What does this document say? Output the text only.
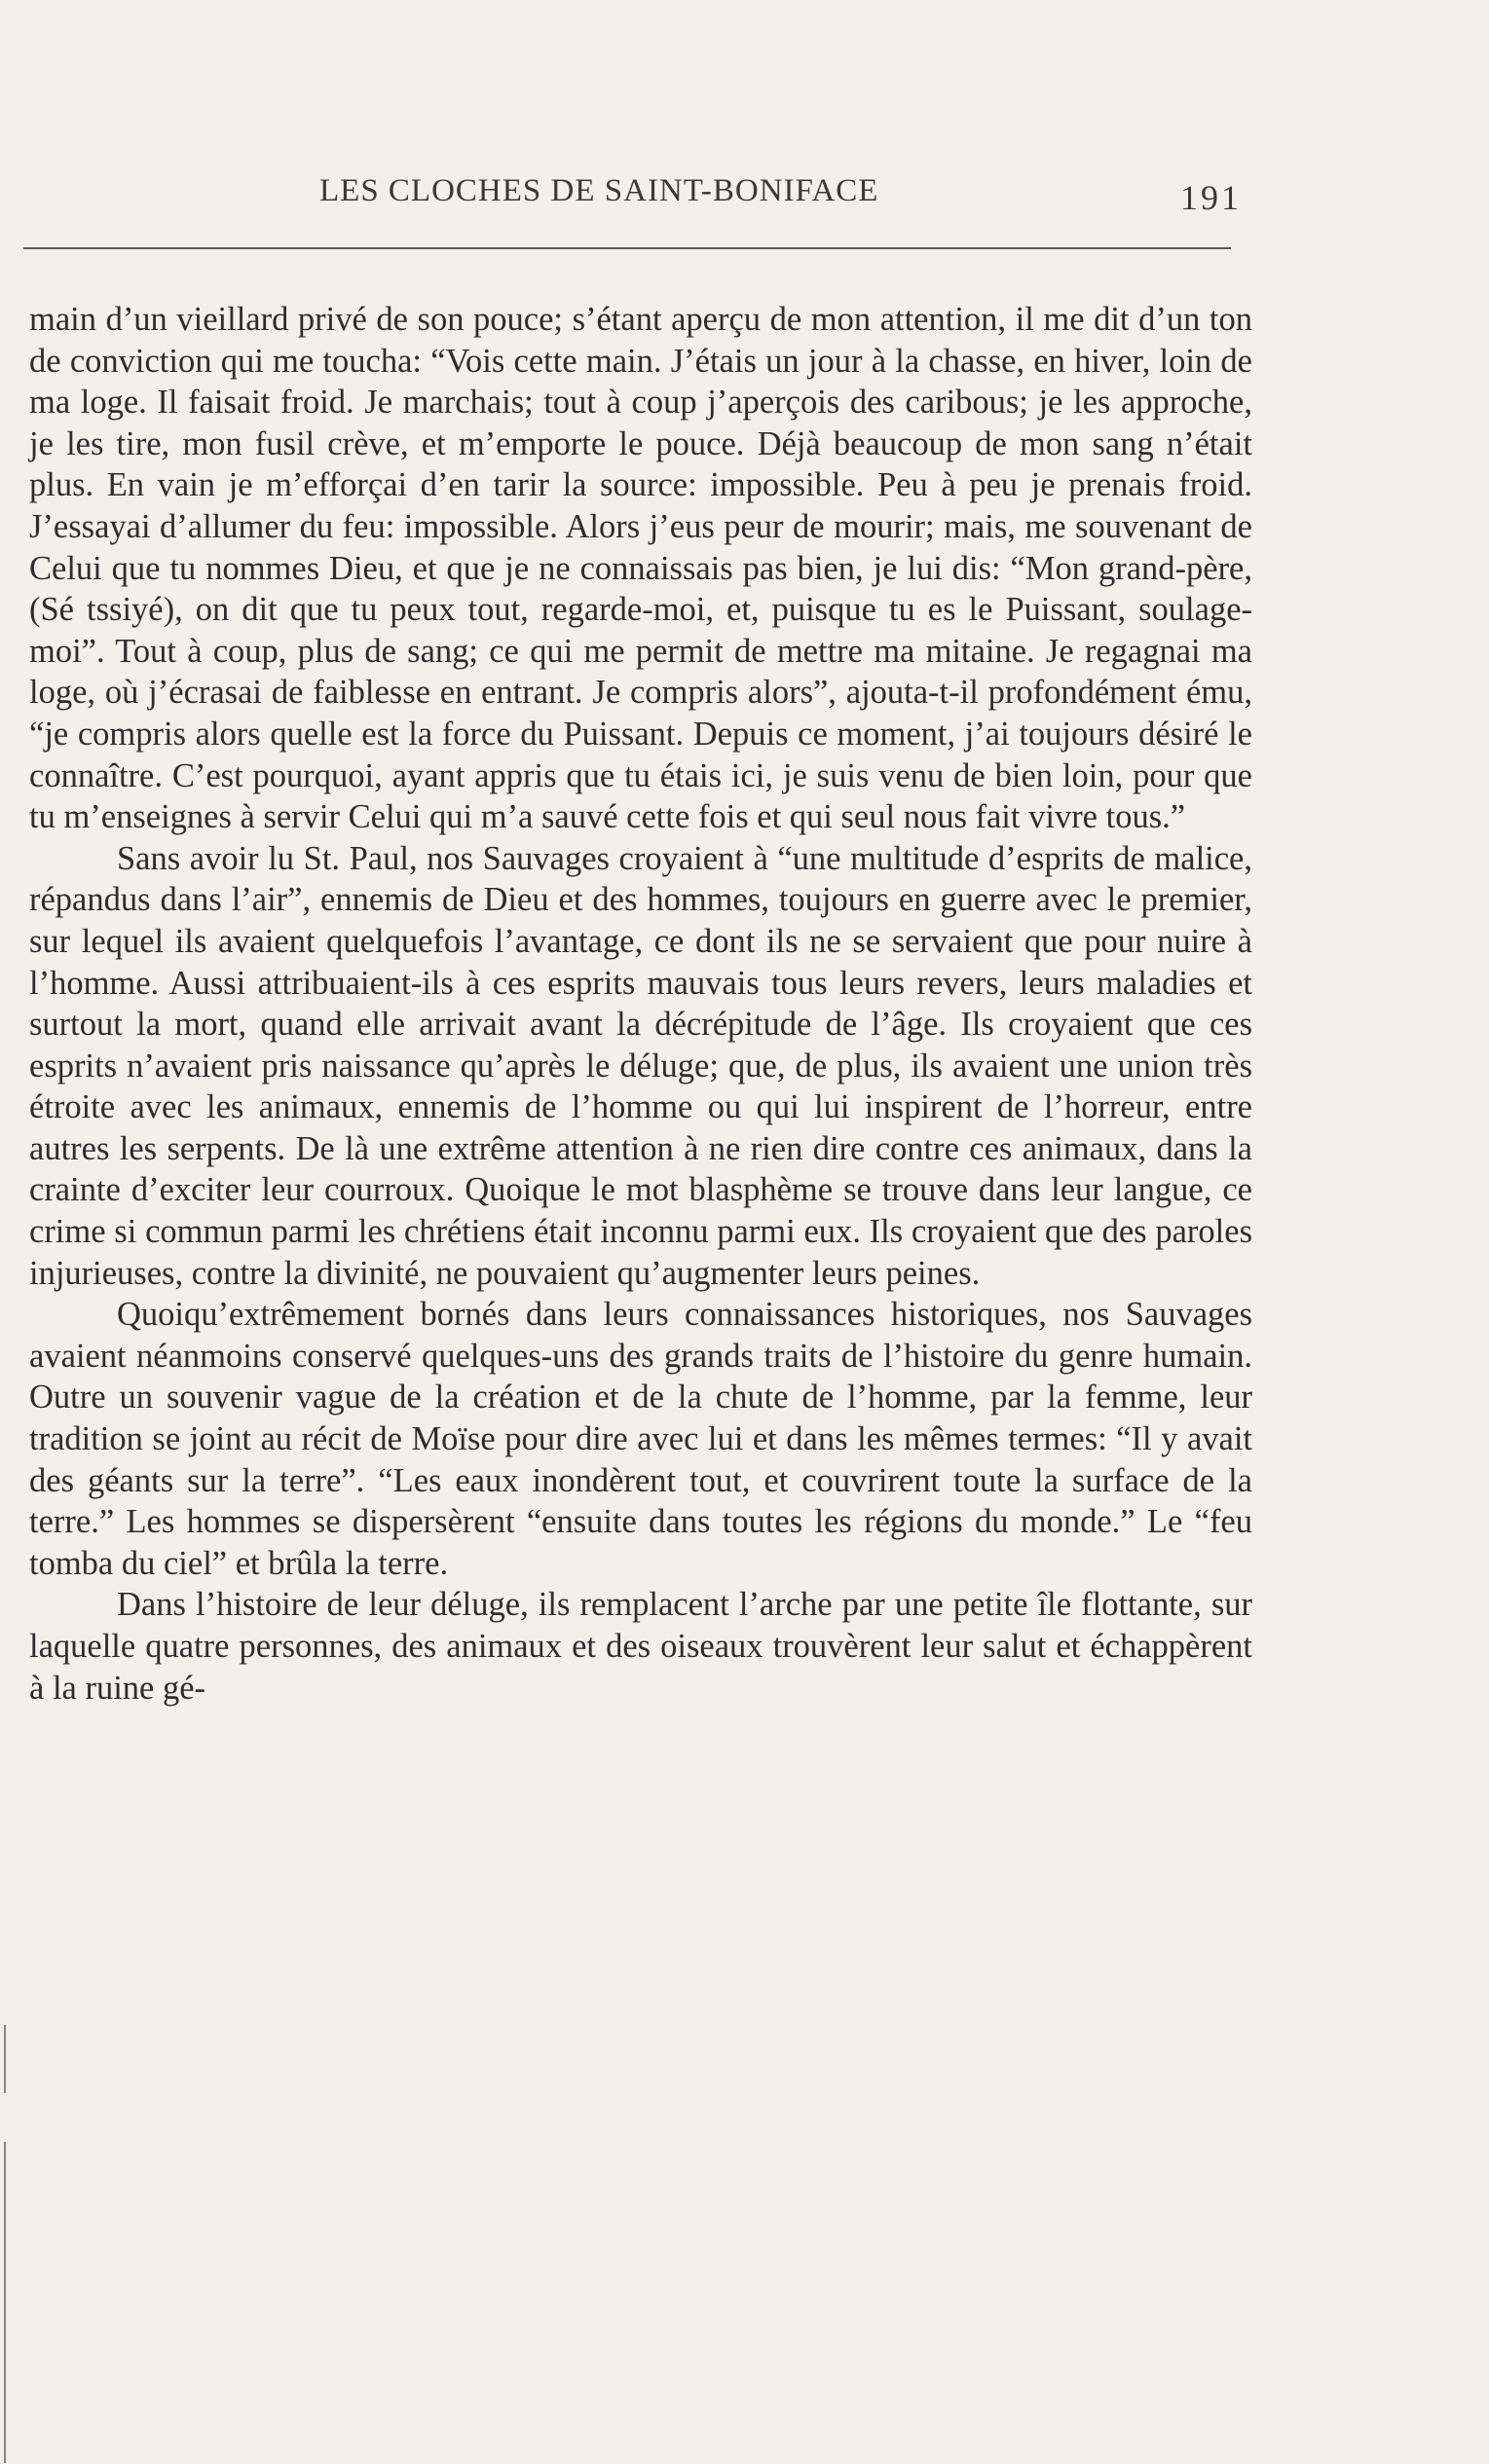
LES CLOCHES DE SAINT-BONIFACE	191

main d’un vieillard privé de son pouce; s’étant aperçu de mon attention, il me dit d’un ton de conviction qui me toucha: “Vois cette main. J’étais un jour à la chasse, en hiver, loin de ma loge. Il faisait froid. Je marchais; tout à coup j’aperçois des caribous; je les approche, je les tire, mon fusil crève, et m’emporte le pouce. Déjà beaucoup de mon sang n’était plus. En vain je m’efforçai d’en tarir la source: impossible. Peu à peu je prenais froid. J’essayai d’allumer du feu: impossible. Alors j’eus peur de mourir; mais, me souvenant de Celui que tu nommes Dieu, et que je ne connaissais pas bien, je lui dis: “Mon grand-père, (Sé tssiyé), on dit que tu peux tout, regarde-moi, et, puisque tu es le Puissant, soulage-moi”. Tout à coup, plus de sang; ce qui me permit de mettre ma mitaine. Je regagnai ma loge, où j’écrasai de faiblesse en entrant. Je compris alors”, ajouta-t-il profondément ému, “je compris alors quelle est la force du Puissant. Depuis ce moment, j’ai toujours désiré le connaître. C’est pourquoi, ayant appris que tu étais ici, je suis venu de bien loin, pour que tu m’enseignes à servir Celui qui m’a sauvé cette fois et qui seul nous fait vivre tous.”

Sans avoir lu St. Paul, nos Sauvages croyaient à “une multitude d’esprits de malice, répandus dans l’air”, ennemis de Dieu et des hommes, toujours en guerre avec le premier, sur lequel ils avaient quelquefois l’avantage, ce dont ils ne se servaient que pour nuire à l’homme. Aussi attribuaient-ils à ces esprits mauvais tous leurs revers, leurs maladies et surtout la mort, quand elle arrivait avant la décrépitude de l’âge. Ils croyaient que ces esprits n’avaient pris naissance qu’après le déluge; que, de plus, ils avaient une union très étroite avec les animaux, ennemis de l’homme ou qui lui inspirent de l’horreur, entre autres les serpents. De là une extrême attention à ne rien dire contre ces animaux, dans la crainte d’exciter leur courroux. Quoique le mot blasphème se trouve dans leur langue, ce crime si commun parmi les chrétiens était inconnu parmi eux. Ils croyaient que des paroles injurieuses, contre la divinité, ne pouvaient qu’augmenter leurs peines.

Quoiqu’extrêmement bornés dans leurs connaissances historiques, nos Sauvages avaient néanmoins conservé quelques-uns des grands traits de l’histoire du genre humain. Outre un souvenir vague de la création et de la chute de l’homme, par la femme, leur tradition se joint au récit de Moïse pour dire avec lui et dans les mêmes termes: “Il y avait des géants sur la terre”. “Les eaux inondèrent tout, et couvrirent toute la surface de la terre.” Les hommes se dispersèrent “ensuite dans toutes les régions du monde.” Le “feu tomba du ciel” et brûla la terre.

Dans l’histoire de leur déluge, ils remplacent l’arche par une petite île flottante, sur laquelle quatre personnes, des animaux et des oiseaux trouvèrent leur salut et échappèrent à la ruine gé-
